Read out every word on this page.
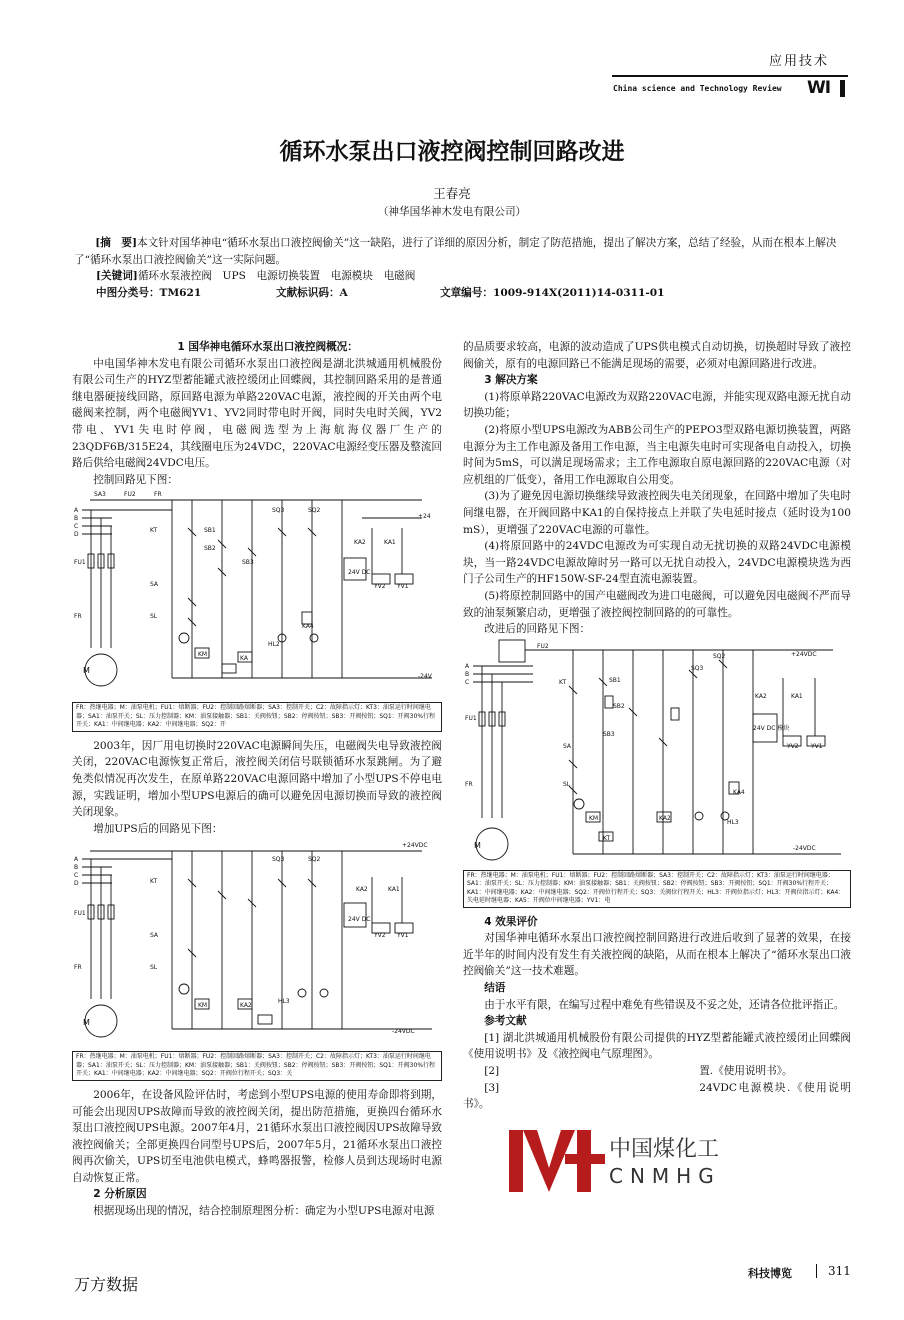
应用技术
China science and Technology Review WI
循环水泵出口液控阀控制回路改进
王春亮
（神华国华神木发电有限公司）
[摘　要]本文针对国华神电“循环水泵出口液控阀偷关”这一缺陷，进行了详细的原因分析，制定了防范措施，提出了解决方案，总结了经验，从而在根本上解决了“循环水泵出口液控阀偷关”这一实际问题。
[关键词]循环水泵液控阀　UPS　电源切换装置　电源模块　电磁阀
中图分类号：TM621	文献标识码：A	文章编号：1009-914X(2011)14-0311-01

1 国华神电循环水泵出口液控阀概况：

中电国华神木发电有限公司循环水泵出口液控阀是湖北洪城通用机械股份有限公司生产的HYZ型蓄能罐式液控缓闭止回蝶阀，其控制回路采用的是普通继电器硬接线回路，原回路电源为单路220VAC电源，液控阀的开关由两个电磁阀来控制，两个电磁阀YV1、YV2同时带电时开阀，同时失电时关阀，YV2带电、YV1失电时停阀，电磁阀选型为上海航海仪器厂生产的23QDF6B/315E24，其线圈电压为24VDC，220VAC电源经变压器及整流回路后供给电磁阀24VDC电压。

控制回路见下图：

A
B
C
D
SA3	FU2	FR
FU1
FR
KT	SB1
SB2
SB3
SA
SL
SQ3	SQ2
KA2	KA1
+24
24V DC
YV2 YV1
KM
KA
HL2
KA4
-24V
M
FR：热继电器；M：油泵电机；FU1：熔断器；FU2：控制回路熔断器；SA3：控制开关；C2：故障指示灯；KT3：油泵运行时间继电器；SA1：油泵开关；SL：压力控制器；KM：油泵接触器；SB1：关阀按钮；SB2：停阀按钮；SB3：开阀按钮；SQ1：开阀30%行程开关；KA1：中间继电器；KA2：中间继电器；SQ2：开

2003年，因厂用电切换时220VAC电源瞬间失压，电磁阀失电导致液控阀关闭，220VAC电源恢复正常后，液控阀关闭信号联锁循环水泵跳闸。为了避免类似情况再次发生，在原单路220VAC电源回路中增加了小型UPS不停电电源，实践证明，增加小型UPS电源后的确可以避免因电源切换而导致的液控阀关闭现象。

增加UPS后的回路见下图：

A
B
C
D
FU1
FR
KT
SA
SL
SQ3	SQ2
+24VDC
KA2	KA1
24V DC
YV2 YV1
KM	KA2
HL3
-24VDC
M
FR：热继电器；M：油泵电机；FU1：熔断器；FU2：控制回路熔断器；SA3：控制开关；C2：故障指示灯；KT3：油泵运行时间继电器；SA1：油泵开关；SL：压力控制器；KM：油泵接触器；SB1：关阀按钮；SB2：停阀按钮；SB3：开阀按钮；SQ1：开阀30%行程开关；KA1：中间继电器；KA2：中间继电器；SQ2：开阀位行程开关；SQ3：关

2006年，在设备风险评估时，考虑到小型UPS电源的使用寿命即将到期，可能会出现因UPS故障而导致的液控阀关闭，提出防范措施，更换四台循环水泵出口液控阀UPS电源。2007年4月，21循环水泵出口液控阀因UPS故障导致液控阀偷关；全部更换四台同型号UPS后，2007年5月，21循环水泵出口液控阀再次偷关，UPS切至电池供电模式，蜂鸣器报警，检修人员到达现场时电源自动恢复正常。

2 分析原因

根据现场出现的情况，结合控制原理图分析：确定为小型UPS电源对电源

的品质要求较高，电源的波动造成了UPS供电模式自动切换，切换超时导致了液控阀偷关，原有的电源回路已不能满足现场的需要，必须对电源回路进行改进。

3 解决方案

(1)将原单路220VAC电源改为双路220VAC电源，并能实现双路电源无扰自动切换功能；

(2)将原小型UPS电源改为ABB公司生产的PEPO3型双路电源切换装置，两路电源分为主工作电源及备用工作电源，当主电源失电时可实现备电自动投入，切换时间为5mS，可以满足现场需求；主工作电源取自原电源回路的220VAC电源（对应机组的厂低变），备用工作电源取自公用变。

(3)为了避免因电源切换继续导致液控阀失电关闭现象，在回路中增加了失电时间继电器，在开阀回路中KA1的自保持接点上并联了失电延时接点（延时设为100 mS），更增强了220VAC电源的可靠性。

(4)将原回路中的24VDC电源改为可实现自动无扰切换的双路24VDC电源模块，当一路24VDC电源故障时另一路可以无扰自动投入，24VDC电源模块选为西门子公司生产的HF150W-SF-24型直流电源装置。

(5)将原控制回路中的国产电磁阀改为进口电磁阀，可以避免因电磁阀不严而导致的油泵频繁启动，更增强了液控阀控制回路的的可靠性。

改进后的回路见下图：

A
B
C
FU2
FU1
FR
KT	SB1
SB2
SB3
SA
SL
SQ3
SQ2	+24VDC
KA2	KA1
24V DC 模块
YV2 YV1
KM	KA2
KA4
HL3
KT
-24VDC
M
FR：热继电器；M：油泵电机；FU1：熔断器；FU2：控制回路熔断器；SA3：控制开关；C2：故障指示灯；KT3：油泵运行时间继电器；SA1：油泵开关；SL：压力控制器；KM：油泵接触器；SB1：关阀按钮；SB2：停阀按钮；SB3：开阀按钮；SQ1：开阀30%行程开关；KA1：中间继电器；KA2：中间继电器；SQ2：开阀位行程开关；SQ3：关阀位行程开关；HL3：开阀位指示灯；HL3：开阀位指示灯；KA4：失电延时继电器；KA5：开阀位中间继电器；YV1：电

4 效果评价

对国华神电循环水泵出口液控阀控制回路进行改进后收到了显著的效果，在接近半年的时间内没有发生有关液控阀的缺陷，从而在根本上解决了“循环水泵出口液控阀偷关”这一技术难题。

结语

由于水平有限，在编写过程中难免有些错误及不妥之处，还请各位批评指正。

参考文献

[1] 湖北洪城通用机械股份有限公司提供的HYZ型蓄能罐式液控缓闭止回蝶阀《使用说明书》及《液控阀电气原理图》。

[2]	置.《使用说明书》。

[3]	24VDC电源模块.《使用说明书》。

中国煤化工
CNMHG
万方数据
科技博览	311
